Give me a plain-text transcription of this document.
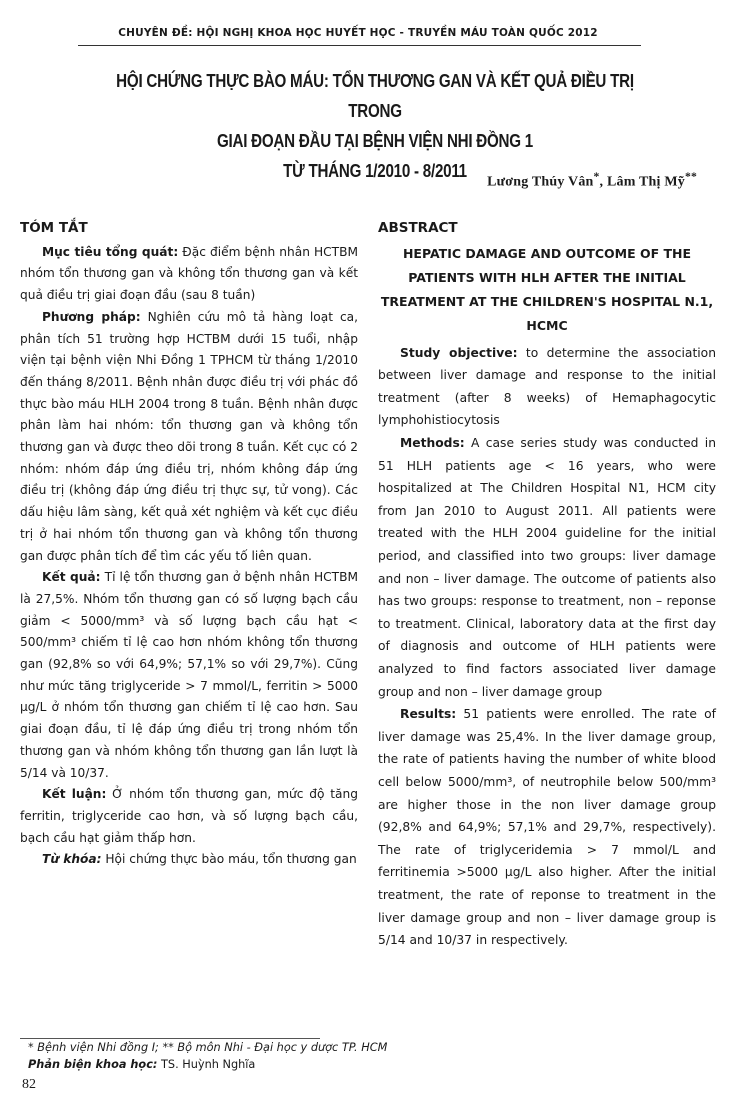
CHUYÊN ĐỀ: HỘI NGHỊ KHOA HỌC HUYẾT HỌC - TRUYỀN MÁU TOÀN QUỐC 2012
HỘI CHỨNG THỰC BÀO MÁU: TỔN THƯƠNG GAN VÀ KẾT QUẢ ĐIỀU TRỊ TRONG
GIAI ĐOẠN ĐẦU TẠI BỆNH VIỆN NHI ĐỒNG 1
TỪ THÁNG 1/2010 - 8/2011
Lương Thúy Vân*, Lâm Thị Mỹ**
TÓM TẮT

Mục tiêu tổng quát: Đặc điểm bệnh nhân HCTBM nhóm tổn thương gan và không tổn thương gan và kết quả điều trị giai đoạn đầu (sau 8 tuần)

Phương pháp: Nghiên cứu mô tả hàng loạt ca, phân tích 51 trường hợp HCTBM dưới 15 tuổi, nhập viện tại bệnh viện Nhi Đồng 1 TPHCM từ tháng 1/2010 đến tháng 8/2011. Bệnh nhân được điều trị với phác đồ thực bào máu HLH 2004 trong 8 tuần. Bệnh nhân được phân làm hai nhóm: tổn thương gan và không tổn thương gan và được theo dõi trong 8 tuần. Kết cục có 2 nhóm: nhóm đáp ứng điều trị, nhóm không đáp ứng điều trị (không đáp ứng điều trị thực sự, tử vong). Các dấu hiệu lâm sàng, kết quả xét nghiệm và kết cục điều trị ở hai nhóm tổn thương gan và không tổn thương gan được phân tích để tìm các yếu tố liên quan.

Kết quả: Tỉ lệ tổn thương gan ở bệnh nhân HCTBM là 27,5%. Nhóm tổn thương gan có số lượng bạch cầu giảm < 5000/mm³ và số lượng bạch cầu hạt < 500/mm³ chiếm tỉ lệ cao hơn nhóm không tổn thương gan (92,8% so với 64,9%; 57,1% so với 29,7%). Cũng như mức tăng triglyceride > 7 mmol/L, ferritin > 5000 µg/L ở nhóm tổn thương gan chiếm tỉ lệ cao hơn. Sau giai đoạn đầu, tỉ lệ đáp ứng điều trị trong nhóm tổn thương gan và nhóm không tổn thương gan lần lượt là 5/14 và 10/37.

Kết luận: Ở nhóm tổn thương gan, mức độ tăng ferritin, triglyceride cao hơn, và số lượng bạch cầu, bạch cầu hạt giảm thấp hơn.

Từ khóa: Hội chứng thực bào máu, tổn thương gan

ABSTRACT
HEPATIC DAMAGE AND OUTCOME OF THE PATIENTS WITH HLH AFTER THE INITIAL TREATMENT AT THE CHILDREN'S HOSPITAL N.1, HCMC

Study objective: to determine the association between liver damage and response to the initial treatment (after 8 weeks) of Hemaphagocytic lymphohistiocytosis

Methods: A case series study was conducted in 51 HLH patients age < 16 years, who were hospitalized at The Children Hospital N1, HCM city from Jan 2010 to August 2011. All patients were treated with the HLH 2004 guideline for the initial period, and classified into two groups: liver damage and non – liver damage. The outcome of patients also has two groups: response to treatment, non – reponse to treatment. Clinical, laboratory data at the first day of diagnosis and outcome of HLH patients were analyzed to find factors associated liver damage group and non – liver damage group

Results: 51 patients were enrolled. The rate of liver damage was 25,4%. In the liver damage group, the rate of patients having the number of white blood cell below 5000/mm³, of neutrophile below 500/mm³ are higher those in the non liver damage group (92,8% and 64,9%; 57,1% and 29,7%, respectively). The rate of triglyceridemia > 7 mmol/L and ferritinemia >5000 µg/L also higher. After the initial treatment, the rate of reponse to treatment in the liver damage group and non – liver damage group is 5/14 and 10/37 in respectively.

* Bệnh viện Nhi đồng I; ** Bộ môn Nhi - Đại học y dược TP. HCM
Phản biện khoa học: TS. Huỳnh Nghĩa
82
